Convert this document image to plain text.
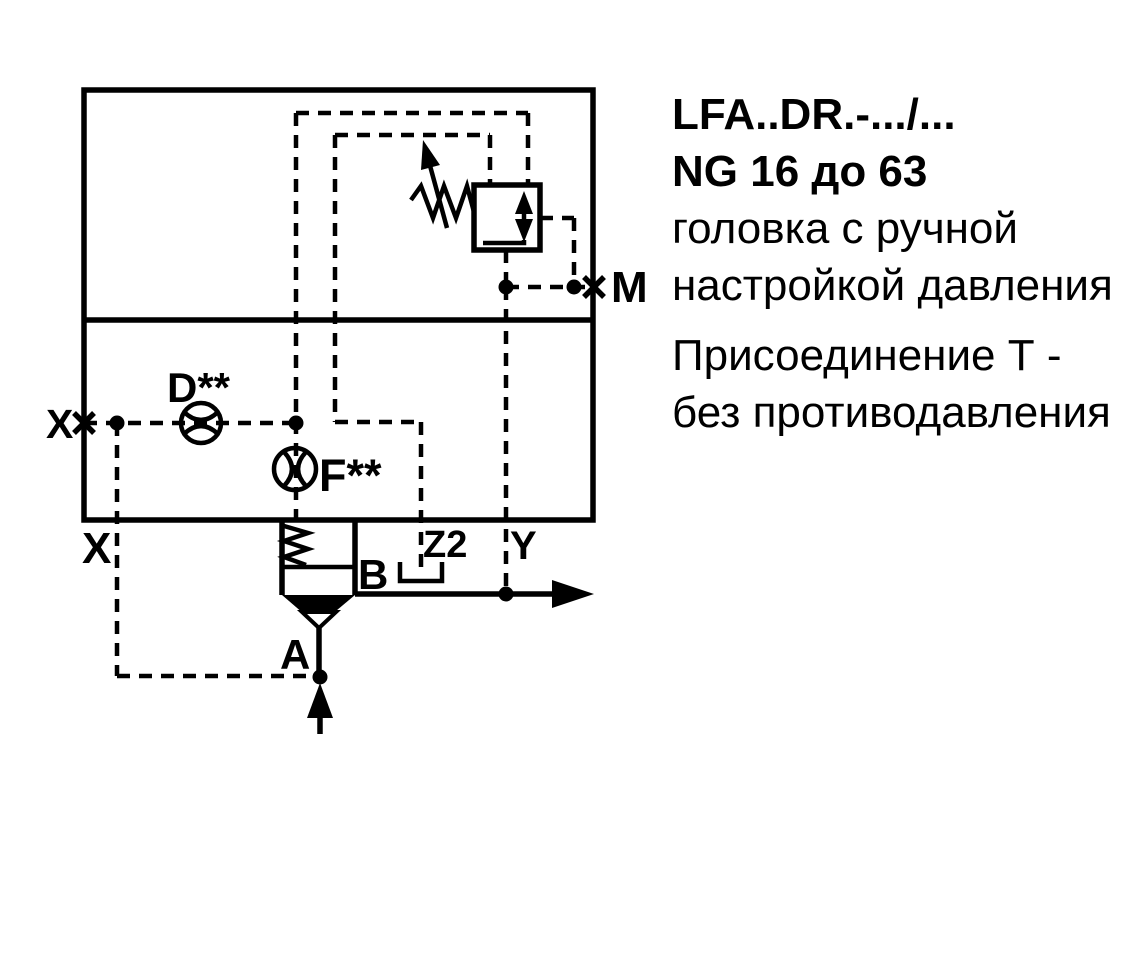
X
X
M
Z2 Y
B
A
D**
F**
LFA..DR.-.../...
NG 16 до 63
головка с ручной
настройкой давления
Присоединение Т -
без противодавления
